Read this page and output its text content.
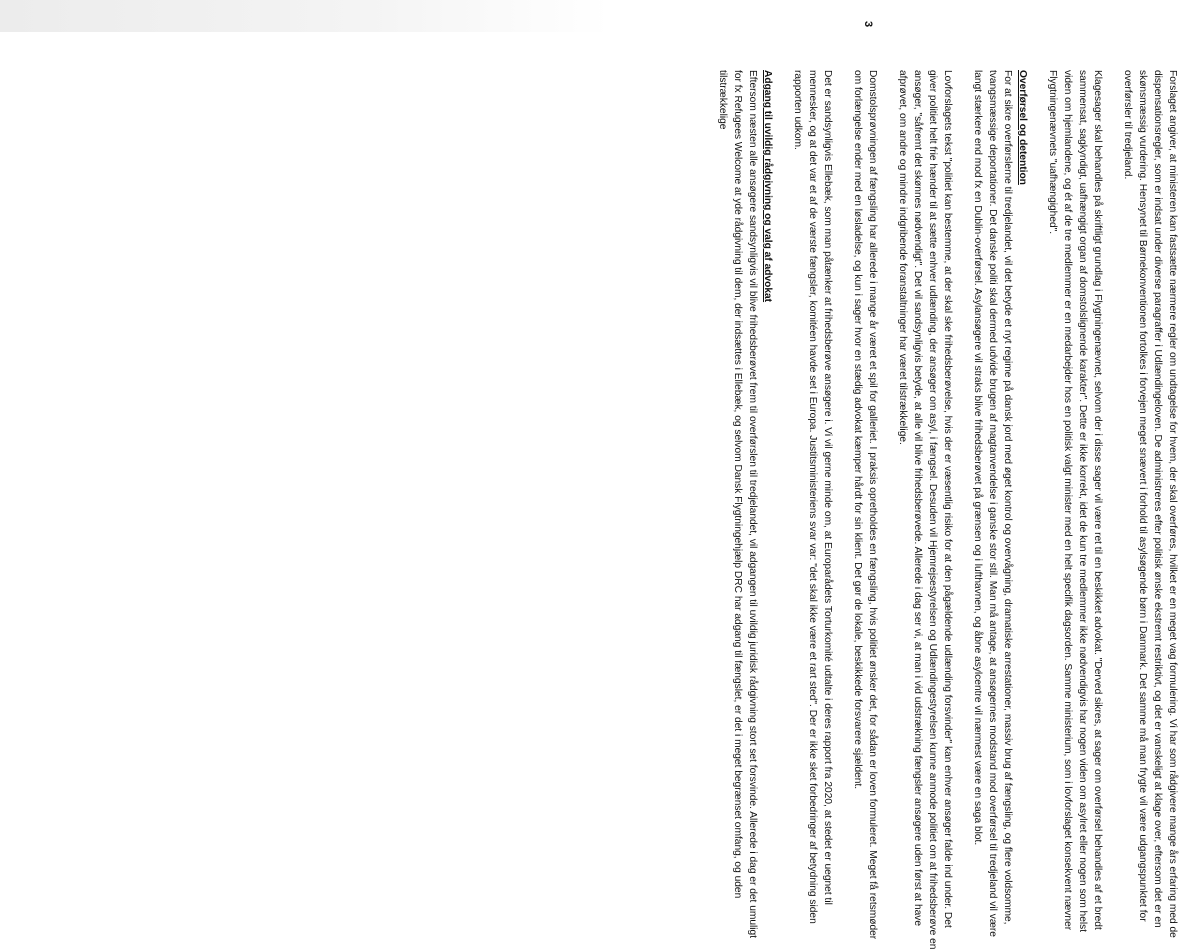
Forslaget angiver, at ministeren kan fastsætte nærmere regler om undtagelse for hvem, der skal overføres, hvilket er en meget vag formulering. Vi har som rådgivere mange års erfaring med de dispensationsregler, som er indsat under diverse paragraffer i Udlændingeloven. De administreres efter politisk ønske ekstremt restriktivt, og det er vanskeligt at klage over, eftersom det er en skønsmæssig vurdering. Hensynet til Børnekonventionen fortolkes i forvejen meget snævert i forhold til asylsøgende børn i Danmark. Det samme må man frygte vil være udgangspunktet for overførsler til tredjeland.

Klagesager skal behandles på skriftligt grundlag i Flygtningenævnet, selvom der i disse sager vil være ret til en beskikket advokat. "Derved sikres, at sager om overførsel behandles af et bredt sammensat, sagkyndigt, uafhængigt organ af domstolslignende karakter". Dette er ikke korrekt, idet de kun tre medlemmer ikke nødvendigvis har nogen viden om asylret eller nogen som helst viden om hjemlandene, og ét af de tre medlemmer er en medarbejder hos en politisk valgt minister med en helt specifik dagsorden. Samme ministerium, som i lovforslaget konsekvent nævner Flygtningenævnets "uafhængighed".

Overførsel og detention

For at sikre overførslerne til tredjelandet, vil det betyde et nyt regime på dansk jord med øget kontrol og overvågning, dramatiske arrestationer, massiv brug af fængsling, og flere voldsomme, tvangsmæssige deportationer. Det danske politi skal dermed udvide brugen af magtanvendelse i ganske stor stil. Man må antage, at ansøgernes modstand mod overførsel til tredjeland vil være langt stærkere end mod fx en Dublin-overførsel. Asylansøgere vil straks blive frihedsberøvet på grænsen og i lufthavnen, og åbne asylcentre vil nærmest være en saga blot.

Lovforslagets tekst "politiet kan bestemme, at der skal ske frihedsberøvelse, hvis der er væsentlig risiko for at den pågældende udlænding forsvinder" kan enhver ansøger falde ind under. Det giver politiet helt frie hænder til at sætte enhver udlænding, der ansøger om asyl, i fængsel. Desuden vil Hjemrejsestyrelsen og Udlændingestyrelsen kunne anmode politiet om at frihedsberøve en ansøger, "såfremt det skønnes nødvendigt". Det vil sandsynligvis betyde, at alle vil blive frihedsberøvede. Allerede i dag ser vi, at man i vid udstrækning fængsler ansøgere uden først at have afprøvet, om andre og mindre indgribende foranstaltninger har været tilstrækkelige.

Domstolsprøvningen af fængsling har allerede i mange år været et spil for galleriet. I praksis opretholdes en fængsling, hvis politiet ønsker det, for sådan er loven formuleret. Meget få retsmøder om forlængelse ender med en løsladelse, og kun i sager hvor en stædig advokat kæmper hårdt for sin klient. Det gør de lokale, beskikkede forsvarere sjældent.

Det er sandsynligvis Ellebæk, som man påtænker at frihedsberøve ansøgere i. Vi vil gerne minde om, at Europarådets Torturkomité udtalte i deres rapport fra 2020, at stedet er uegnet til mennesker, og at det var et af de værste fængsler, komitéen havde set i Europa. Justitsministeriens svar var: "det skal ikke være et rart sted". Der er ikke sket forbedringer af betydning siden rapporten udkom.

Adgang til uvildig rådgivning og valg af advokat

Eftersom næsten alle ansøgere sandsynligvis vil blive frihedsberøvet frem til overførslen til tredjelandet, vil adgangen til uvildig juridisk rådgivning stort set forsvinde. Allerede i dag er det umuligt for fx Refugees Welcome at yde rådgivning til dem, der indsættes i Ellebæk, og selvom Dansk Flygtningehjælp DRC har adgang til fængslet, er det i meget begrænset omfang, og uden tilstrækkelige

3
